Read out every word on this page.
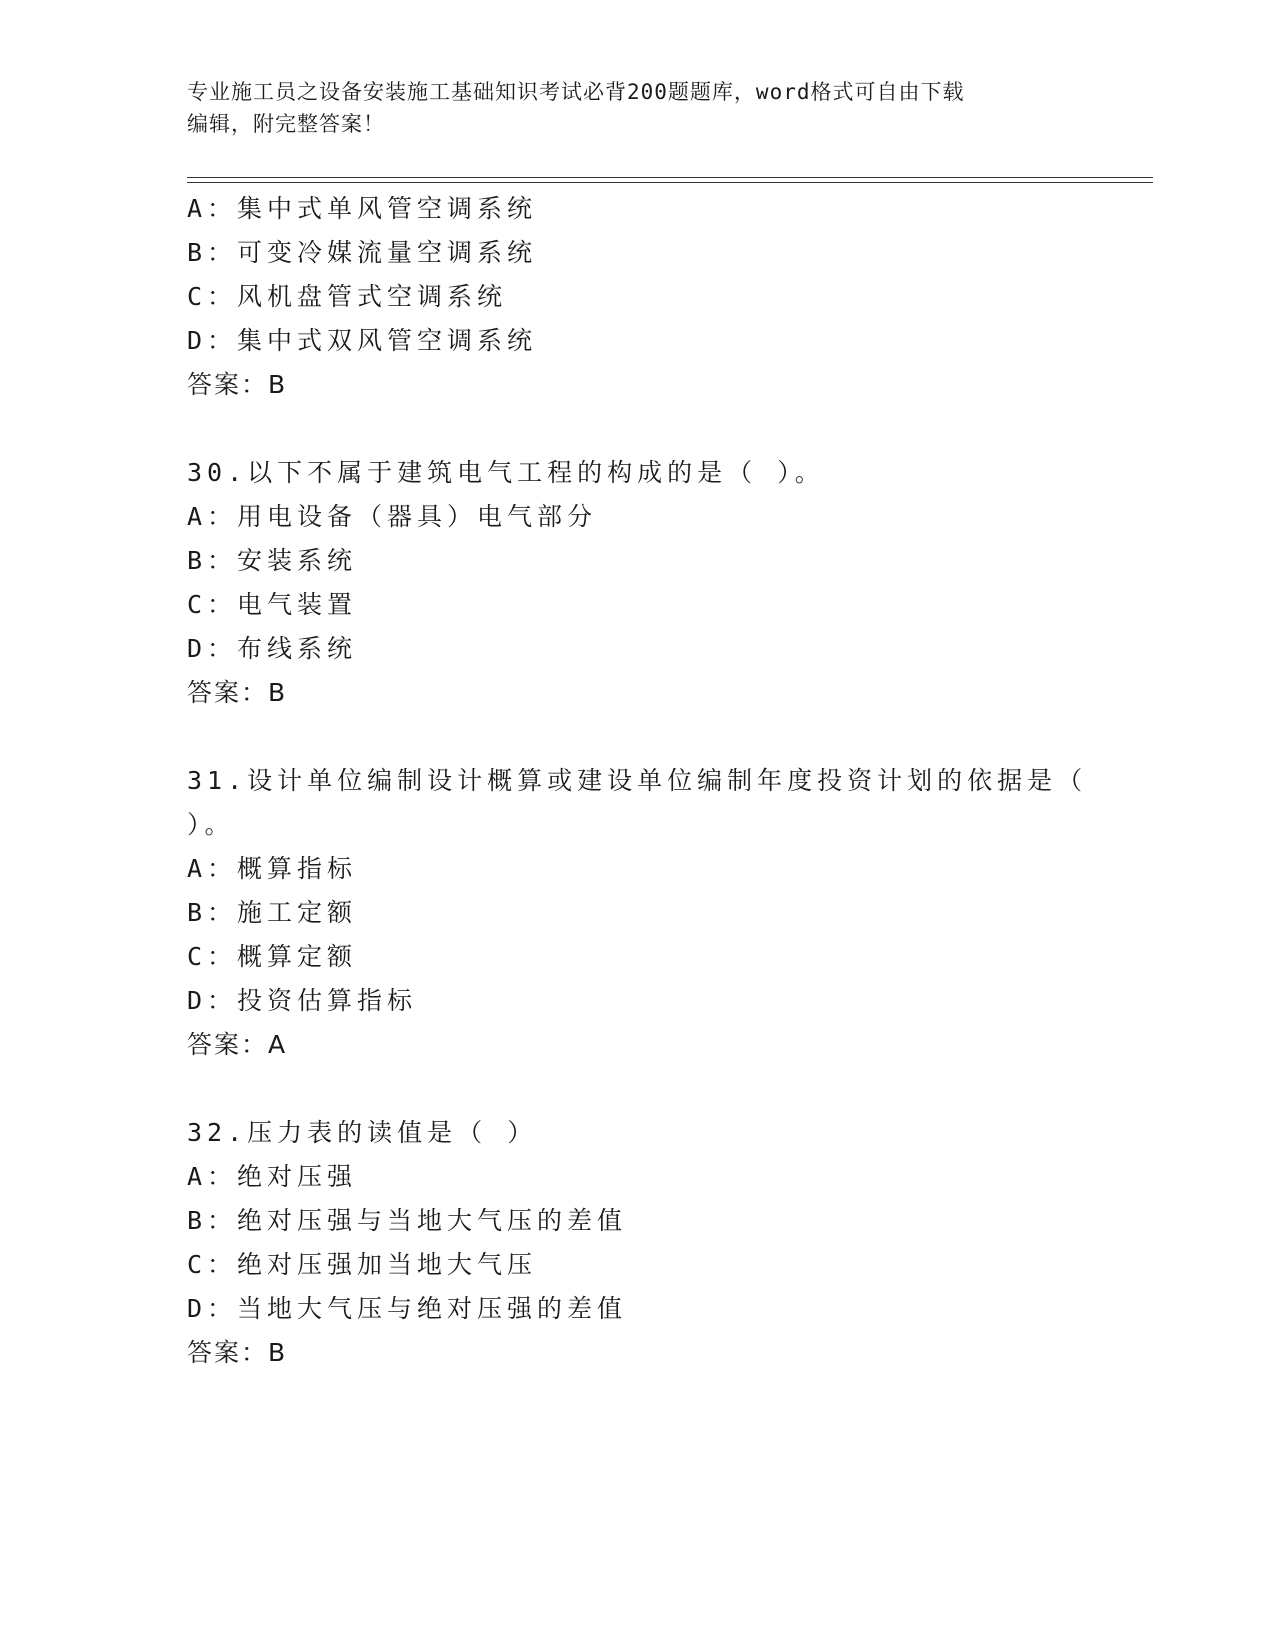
专业施工员之设备安装施工基础知识考试必背200题题库，word格式可自由下载
编辑，附完整答案！
A：集中式单风管空调系统
B：可变冷媒流量空调系统
C：风机盘管式空调系统
D：集中式双风管空调系统
答案：B
30.以下不属于建筑电气工程的构成的是（ ）。
A：用电设备（器具）电气部分
B：安装系统
C：电气装置
D：布线系统
答案：B
31.设计单位编制设计概算或建设单位编制年度投资计划的依据是（
）。
A：概算指标
B：施工定额
C：概算定额
D：投资估算指标
答案：A
32.压力表的读值是（ ）
A：绝对压强
B：绝对压强与当地大气压的差值
C：绝对压强加当地大气压
D：当地大气压与绝对压强的差值
答案：B
